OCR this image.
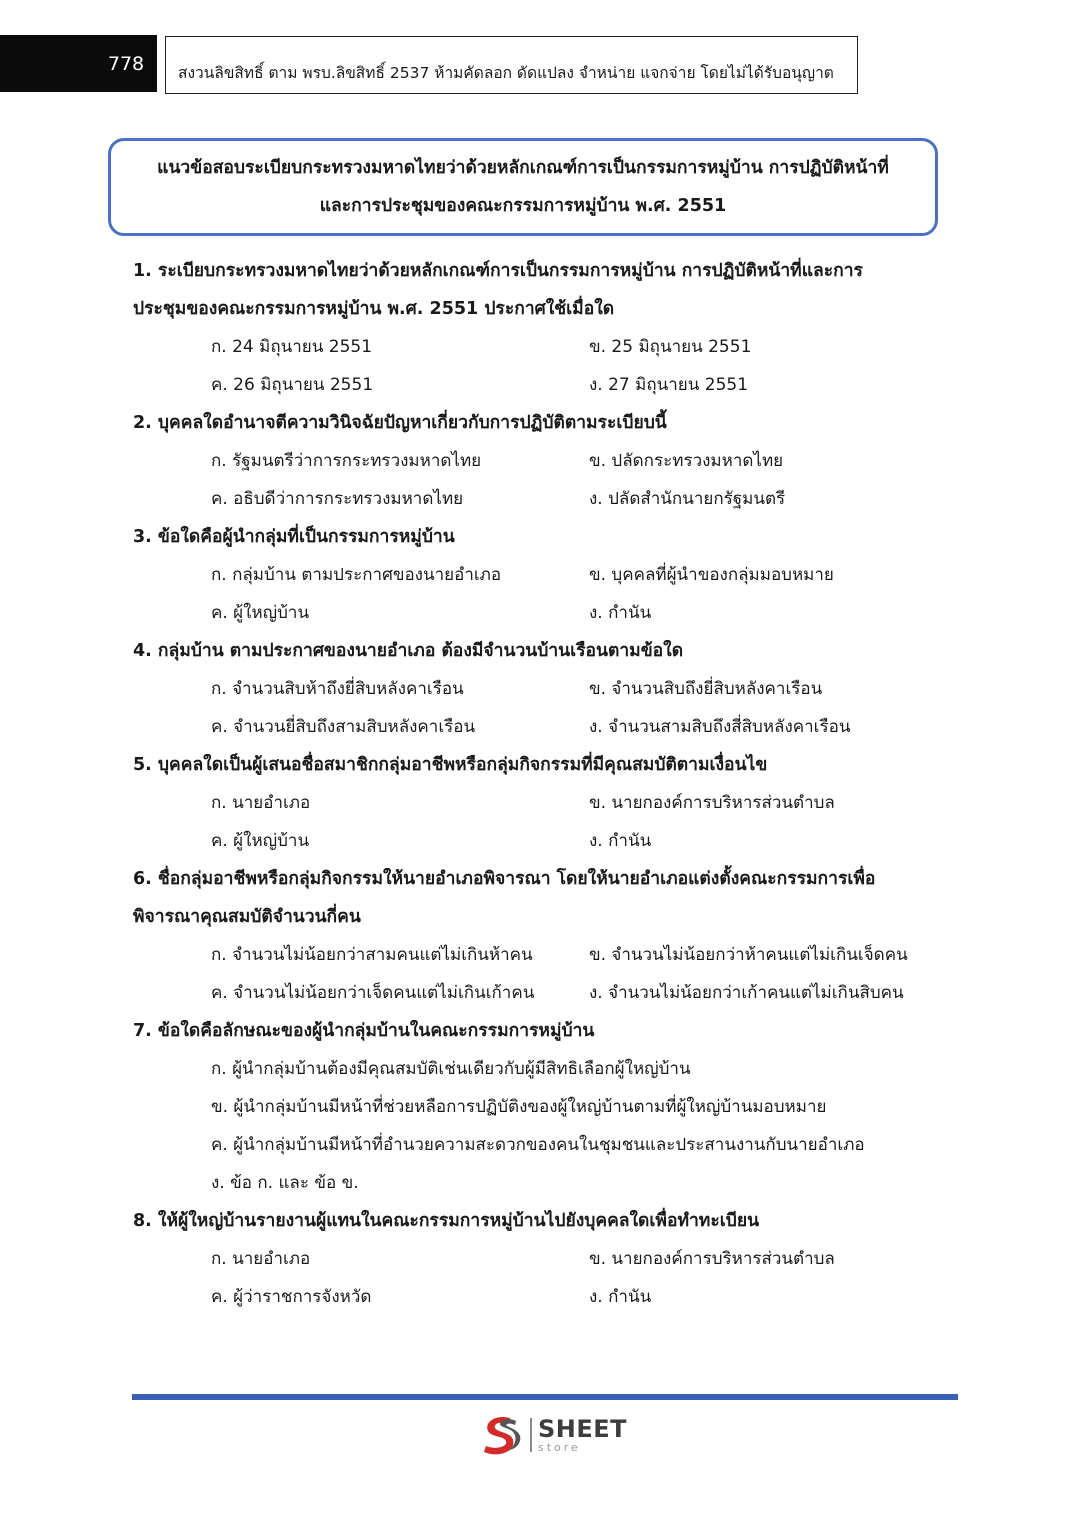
778 สงวนลิขสิทธิ์ ตาม พรบ.ลิขสิทธิ์ 2537 ห้ามคัดลอก ดัดแปลง จำหน่าย แจกจ่าย โดยไม่ได้รับอนุญาต
แนวข้อสอบระเบียบกระทรวงมหาดไทยว่าด้วยหลักเกณฑ์การเป็นกรรมการหมู่บ้าน การปฏิบัติหน้าที่
และการประชุมของคณะกรรมการหมู่บ้าน พ.ศ. 2551
1. ระเบียบกระทรวงมหาดไทยว่าด้วยหลักเกณฑ์การเป็นกรรมการหมู่บ้าน การปฏิบัติหน้าที่และการ
ประชุมของคณะกรรมการหมู่บ้าน พ.ศ. 2551 ประกาศใช้เมื่อใด
ก. 24 มิถุนายน 2551	ข. 25 มิถุนายน 2551
ค. 26 มิถุนายน 2551	ง. 27 มิถุนายน 2551
2. บุคคลใดอำนาจตีความวินิจฉัยปัญหาเกี่ยวกับการปฏิบัติตามระเบียบนี้
ก. รัฐมนตรีว่าการกระทรวงมหาดไทย	ข. ปลัดกระทรวงมหาดไทย
ค. อธิบดีว่าการกระทรวงมหาดไทย	ง. ปลัดสำนักนายกรัฐมนตรี
3. ข้อใดคือผู้นำกลุ่มที่เป็นกรรมการหมู่บ้าน
ก. กลุ่มบ้าน ตามประกาศของนายอำเภอ	ข. บุคคลที่ผู้นำของกลุ่มมอบหมาย
ค. ผู้ใหญ่บ้าน	ง. กำนัน
4. กลุ่มบ้าน ตามประกาศของนายอำเภอ ต้องมีจำนวนบ้านเรือนตามข้อใด
ก. จำนวนสิบห้าถึงยี่สิบหลังคาเรือน	ข. จำนวนสิบถึงยี่สิบหลังคาเรือน
ค. จำนวนยี่สิบถึงสามสิบหลังคาเรือน	ง. จำนวนสามสิบถึงสี่สิบหลังคาเรือน
5. บุคคลใดเป็นผู้เสนอชื่อสมาชิกกลุ่มอาชีพหรือกลุ่มกิจกรรมที่มีคุณสมบัติตามเงื่อนไข
ก. นายอำเภอ	ข. นายกองค์การบริหารส่วนตำบล
ค. ผู้ใหญ่บ้าน	ง. กำนัน
6. ชื่อกลุ่มอาชีพหรือกลุ่มกิจกรรมให้นายอำเภอพิจารณา โดยให้นายอำเภอแต่งตั้งคณะกรรมการเพื่อ
พิจารณาคุณสมบัติจำนวนกี่คน
ก. จำนวนไม่น้อยกว่าสามคนแต่ไม่เกินห้าคน	ข. จำนวนไม่น้อยกว่าห้าคนแต่ไม่เกินเจ็ดคน
ค. จำนวนไม่น้อยกว่าเจ็ดคนแต่ไม่เกินเก้าคน	ง. จำนวนไม่น้อยกว่าเก้าคนแต่ไม่เกินสิบคน
7. ข้อใดคือลักษณะของผู้นำกลุ่มบ้านในคณะกรรมการหมู่บ้าน
ก. ผู้นำกลุ่มบ้านต้องมีคุณสมบัติเช่นเดียวกับผู้มีสิทธิเลือกผู้ใหญ่บ้าน
ข. ผู้นำกลุ่มบ้านมีหน้าที่ช่วยหลือการปฏิบัติงของผู้ใหญ่บ้านตามที่ผู้ใหญ่บ้านมอบหมาย
ค. ผู้นำกลุ่มบ้านมีหน้าที่อำนวยความสะดวกของคนในชุมชนและประสานงานกับนายอำเภอ
ง. ข้อ ก. และ ข้อ ข.
8. ให้ผู้ใหญ่บ้านรายงานผู้แทนในคณะกรรมการหมู่บ้านไปยังบุคคลใดเพื่อทำทะเบียน
ก. นายอำเภอ	ข. นายกองค์การบริหารส่วนตำบล
ค. ผู้ว่าราชการจังหวัด	ง. กำนัน
SHEET
store
